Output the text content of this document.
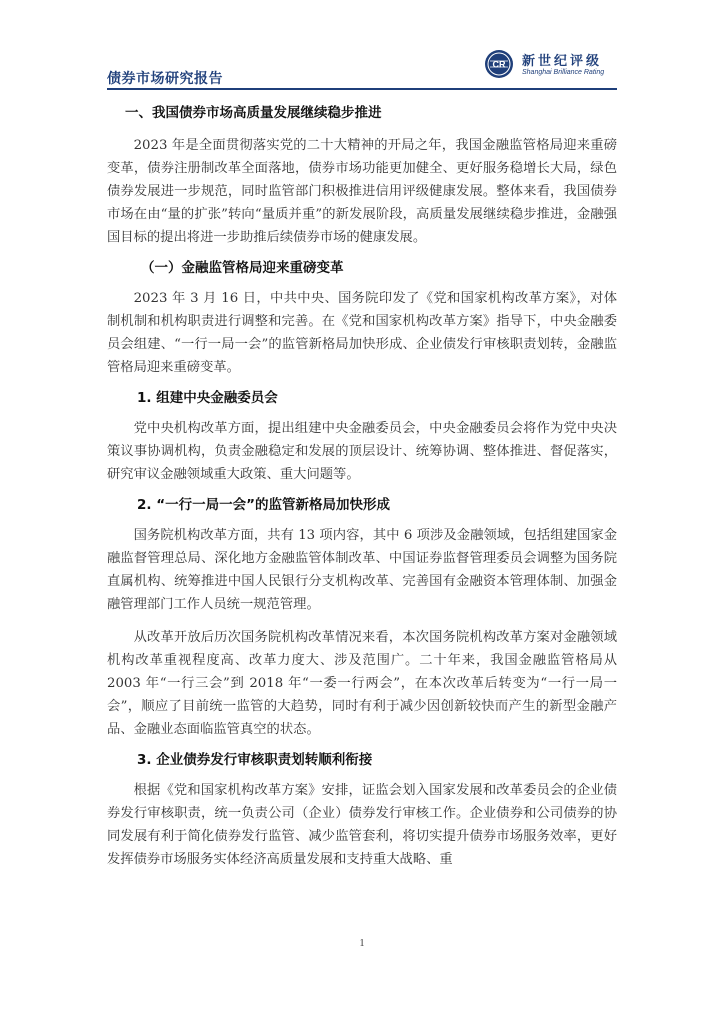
债券市场研究报告
CR 新世纪评级
Shanghai Brilliance Rating
一、我国债券市场高质量发展继续稳步推进

2023 年是全面贯彻落实党的二十大精神的开局之年，我国金融监管格局迎来重磅变革，债券注册制改革全面落地，债券市场功能更加健全、更好服务稳增长大局，绿色债券发展进一步规范，同时监管部门积极推进信用评级健康发展。整体来看，我国债券市场在由“量的扩张”转向“量质并重”的新发展阶段，高质量发展继续稳步推进，金融强国目标的提出将进一步助推后续债券市场的健康发展。

（一）金融监管格局迎来重磅变革

2023 年 3 月 16 日，中共中央、国务院印发了《党和国家机构改革方案》，对体制机制和机构职责进行调整和完善。在《党和国家机构改革方案》指导下，中央金融委员会组建、“一行一局一会”的监管新格局加快形成、企业债发行审核职责划转，金融监管格局迎来重磅变革。

1. 组建中央金融委员会

党中央机构改革方面，提出组建中央金融委员会，中央金融委员会将作为党中央决策议事协调机构，负责金融稳定和发展的顶层设计、统筹协调、整体推进、督促落实，研究审议金融领域重大政策、重大问题等。

2. “一行一局一会”的监管新格局加快形成

国务院机构改革方面，共有 13 项内容，其中 6 项涉及金融领域，包括组建国家金融监督管理总局、深化地方金融监管体制改革、中国证券监督管理委员会调整为国务院直属机构、统筹推进中国人民银行分支机构改革、完善国有金融资本管理体制、加强金融管理部门工作人员统一规范管理。

从改革开放后历次国务院机构改革情况来看，本次国务院机构改革方案对金融领域机构改革重视程度高、改革力度大、涉及范围广。二十年来，我国金融监管格局从 2003 年“一行三会”到 2018 年“一委一行两会”，在本次改革后转变为“一行一局一会”，顺应了目前统一监管的大趋势，同时有利于减少因创新较快而产生的新型金融产品、金融业态面临监管真空的状态。

3. 企业债券发行审核职责划转顺利衔接

根据《党和国家机构改革方案》安排，证监会划入国家发展和改革委员会的企业债券发行审核职责，统一负责公司（企业）债券发行审核工作。企业债券和公司债券的协同发展有利于简化债券发行监管、减少监管套利，将切实提升债券市场服务效率，更好发挥债券市场服务实体经济高质量发展和支持重大战略、重

1
